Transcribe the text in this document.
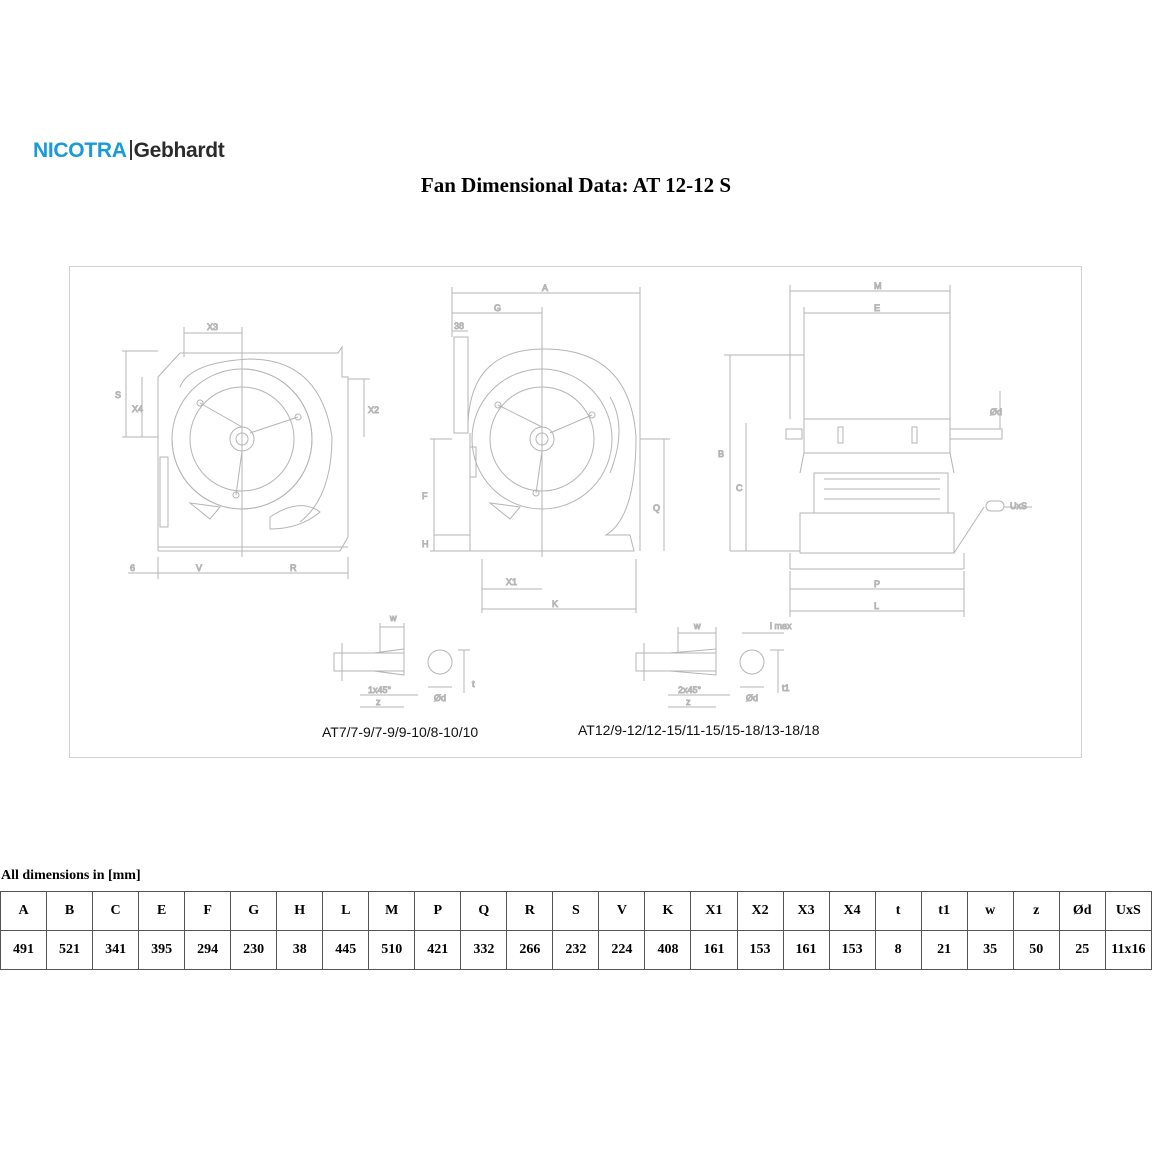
NICOTRA Gebhardt
Fan Dimensional Data: AT 12-12 S
X3
S
X4	X2
6	V	R
A
G
38
F
H
Q
X1
K
M
E
B
C
Ød
UxS
P
L
w
1x45°
z	Ød
t
w
2x45°
z	Ød
t1
l max
AT7/7-9/7-9/9-10/8-10/10	AT12/9-12/12-15/11-15/15-18/13-18/18
All dimensions in [mm]
A	B	C	E	F	G	H	L	M	P	Q	R	S	V	K	X1	X2	X3	X4	t	t1	w	z	Ød	UxS
491	521	341	395	294	230	38	445	510	421	332	266	232	224	408	161	153	161	153	8	21	35	50	25	11x16
